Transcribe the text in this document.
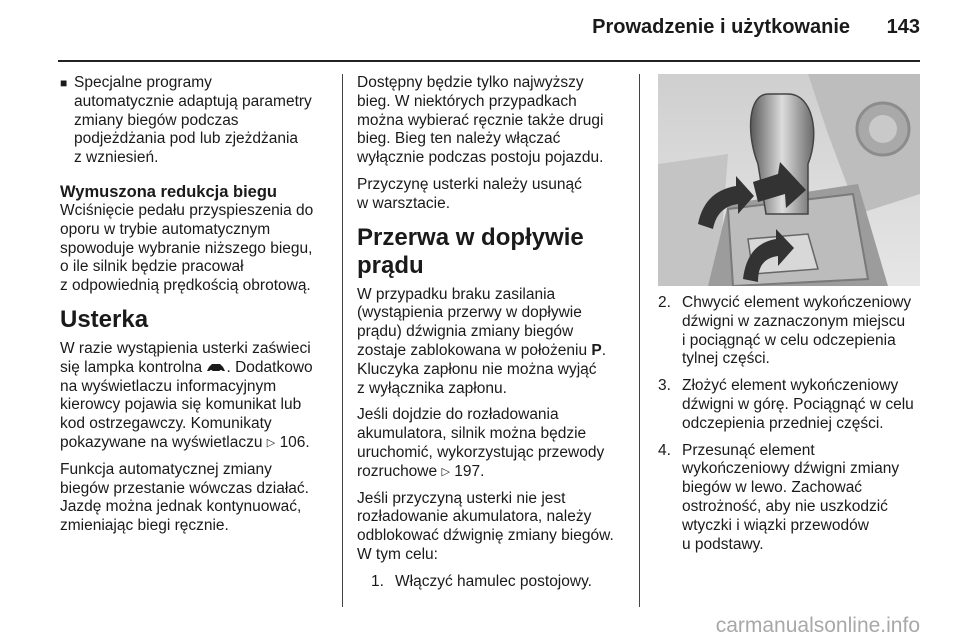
Prowadzenie i użytkowanie	143
■ Specjalne programy
automatycznie adaptują parametry
zmiany biegów podczas
podjeżdżania pod lub zjeżdżania
z wzniesień.
Wymuszona redukcja biegu

Wciśnięcie pedału przyspieszenia do
oporu w trybie automatycznym
spowoduje wybranie niższego biegu,
o ile silnik będzie pracował
z odpowiednią prędkością obrotową.

Usterka

W razie wystąpienia usterki zaświeci
się lampka kontrolna . Dodatkowo
na wyświetlaczu informacyjnym
kierowcy pojawia się komunikat lub
kod ostrzegawczy. Komunikaty
pokazywane na wyświetlaczu ▷ 106.

Funkcja automatycznej zmiany
biegów przestanie wówczas działać.
Jazdę można jednak kontynuować,
zmieniając biegi ręcznie.

Dostępny będzie tylko najwyższy
bieg. W niektórych przypadkach
można wybierać ręcznie także drugi
bieg. Bieg ten należy włączać
wyłącznie podczas postoju pojazdu.

Przyczynę usterki należy usunąć
w warsztacie.

Przerwa w dopływie prądu

W przypadku braku zasilania
(wystąpienia przerwy w dopływie
prądu) dźwignia zmiany biegów
zostaje zablokowana w położeniu P.
Kluczyka zapłonu nie można wyjąć
z wyłącznika zapłonu.

Jeśli dojdzie do rozładowania
akumulatora, silnik można będzie
uruchomić, wykorzystując przewody
rozruchowe ▷ 197.

Jeśli przyczyną usterki nie jest
rozładowanie akumulatora, należy
odblokować dźwignię zmiany biegów.
W tym celu:

1. Włączyć hamulec postojowy.
2. Chwycić element wykończeniowy
dźwigni w zaznaczonym miejscu
i pociągnąć w celu odczepienia
tylnej części.
3. Złożyć element wykończeniowy
dźwigni w górę. Pociągnąć w celu
odczepienia przedniej części.
4. Przesunąć element
wykończeniowy dźwigni zmiany
biegów w lewo. Zachować
ostrożność, aby nie uszkodzić
wtyczki i wiązki przewodów
u podstawy.
carmanualsonline.info
